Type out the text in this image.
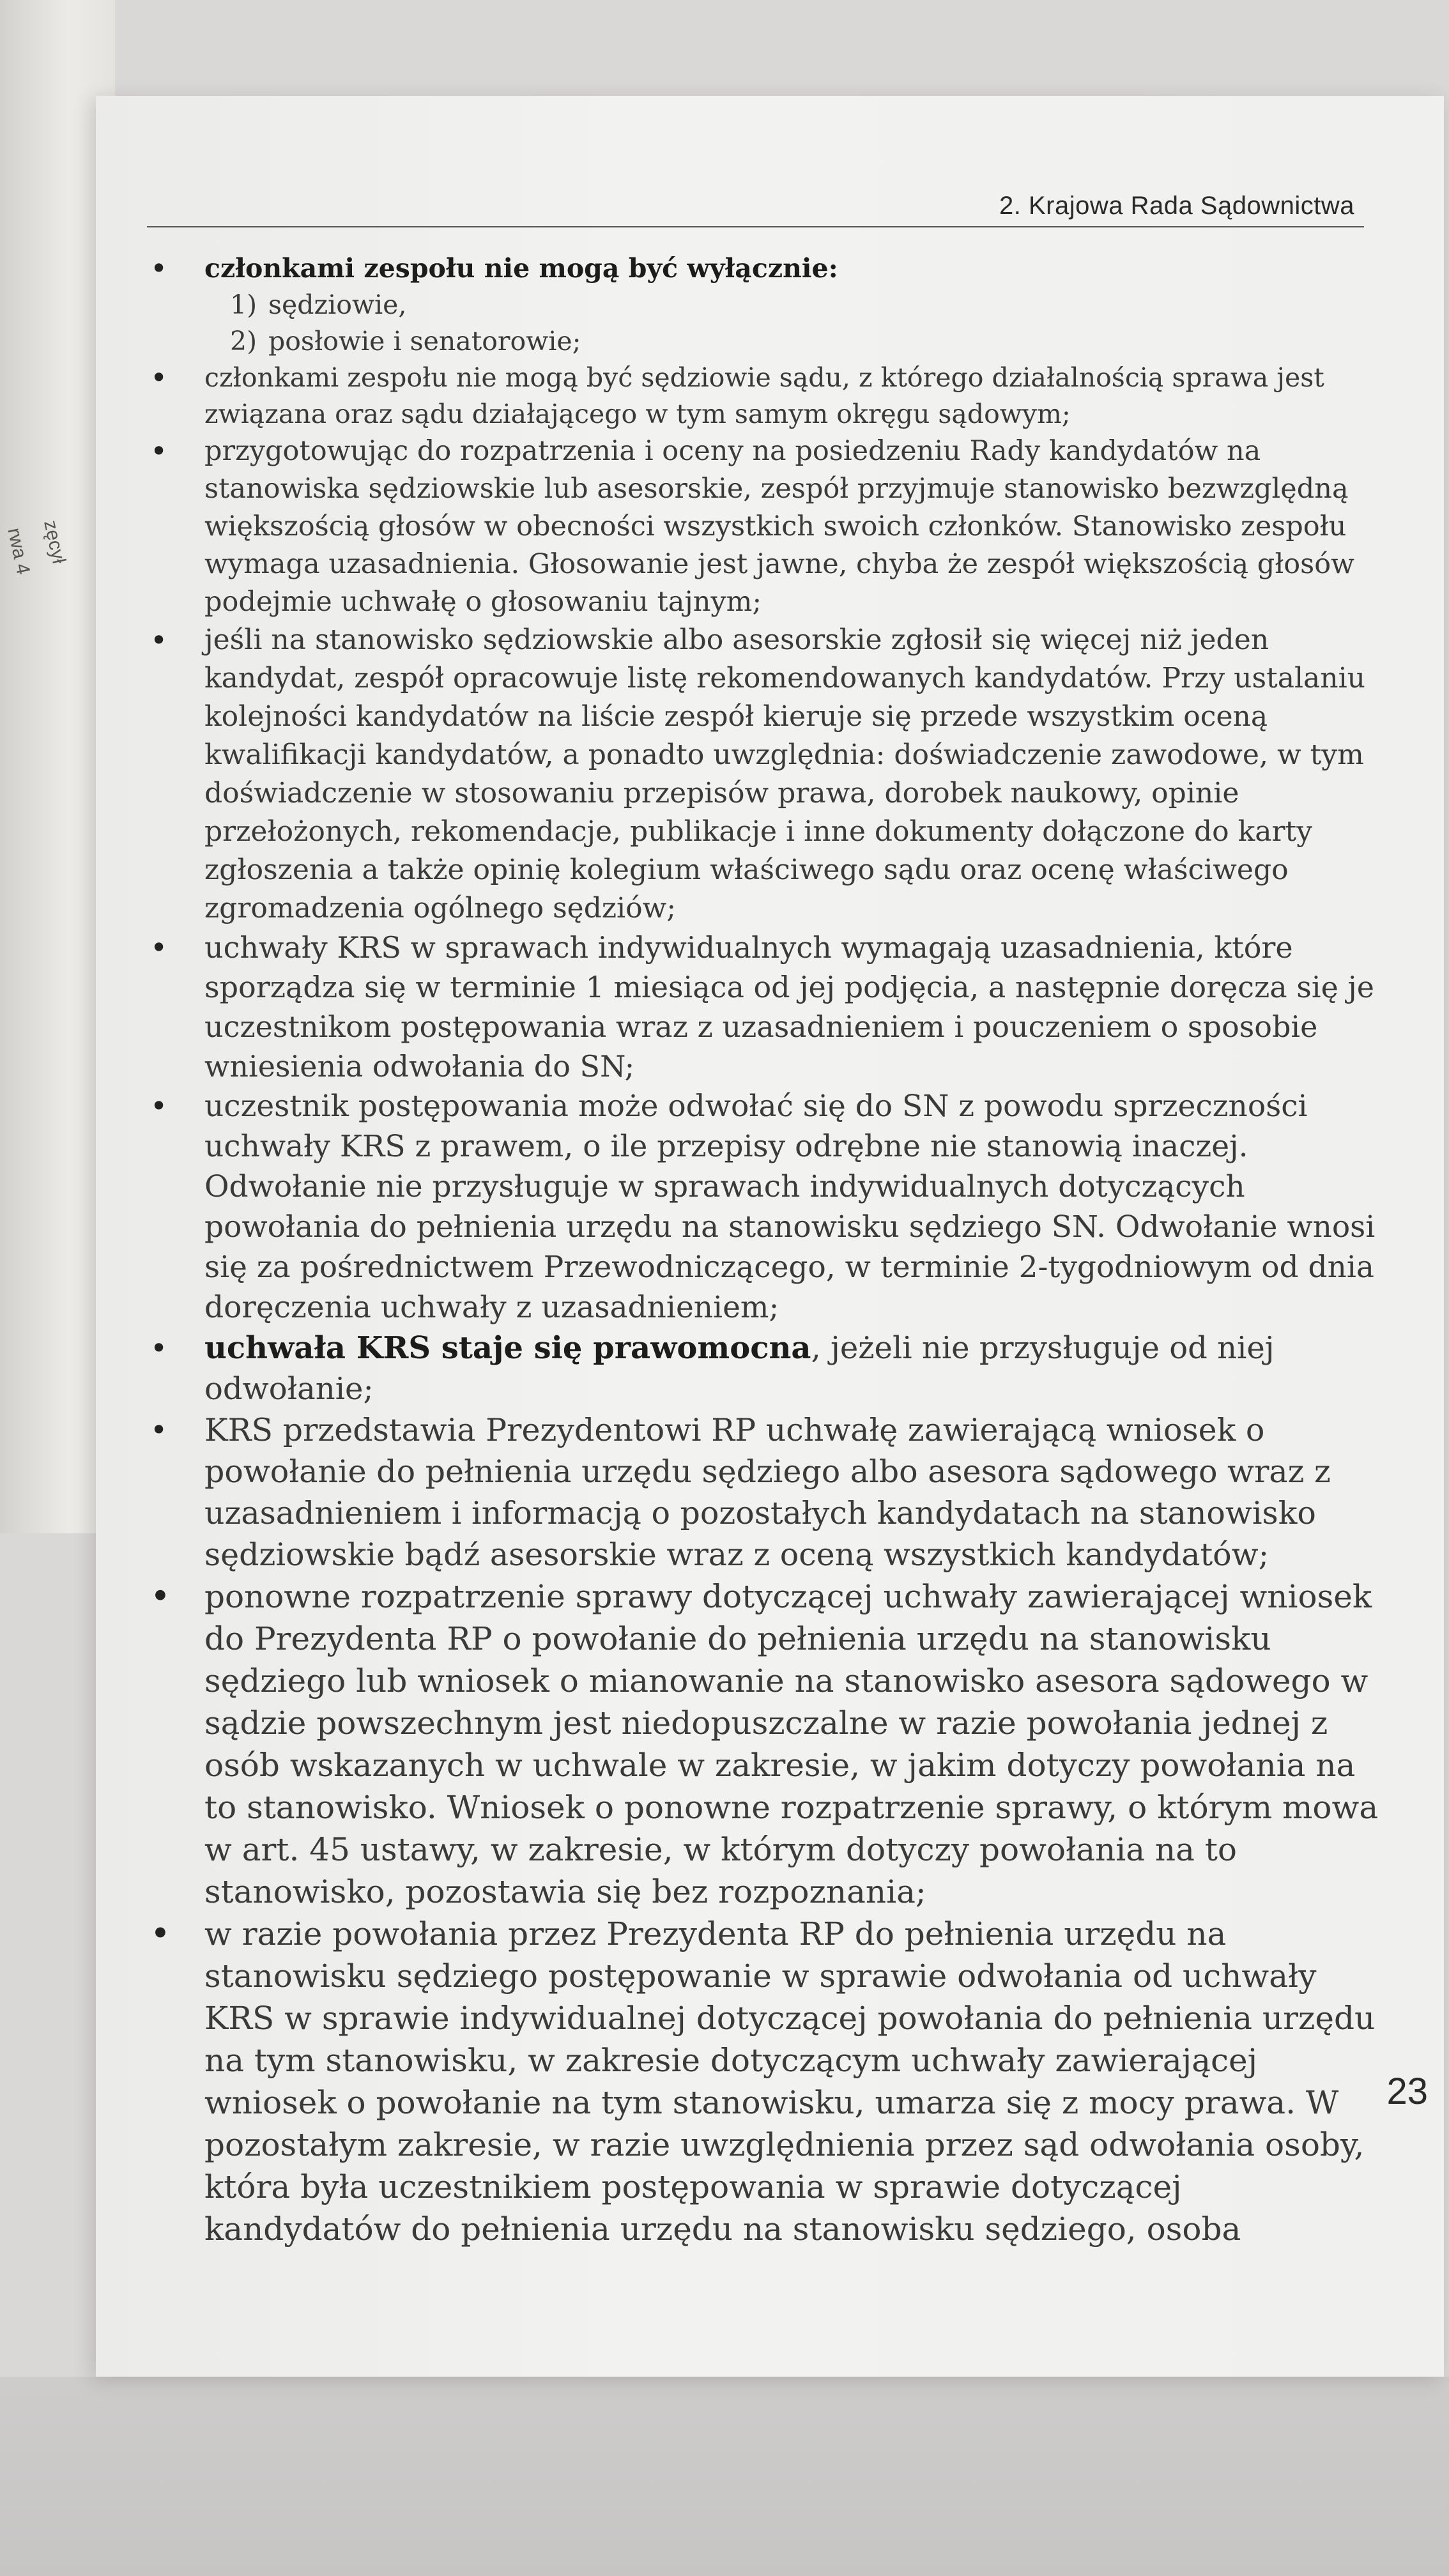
zęcył
rwa 4

2. Krajowa Rada Sądownictwa

• członkami zespołu nie mogą być wyłącznie:
1) sędziowie,
2) posłowie i senatorowie;

• członkami zespołu nie mogą być sędziowie sądu, z którego działalnością sprawa jest związana oraz sądu działającego w tym samym okręgu sądowym;

• przygotowując do rozpatrzenia i oceny na posiedzeniu Rady kandydatów na stanowiska sędziowskie lub asesorskie, zespół przyjmuje stanowisko bezwzględną większością głosów w obecności wszystkich swoich członków. Stanowisko zespołu wymaga uzasadnienia. Głosowanie jest jawne, chyba że zespół większością głosów podejmie uchwałę o głosowaniu tajnym;

• jeśli na stanowisko sędziowskie albo asesorskie zgłosił się więcej niż jeden kandydat, zespół opracowuje listę rekomendowanych kandydatów. Przy ustalaniu kolejności kandydatów na liście zespół kieruje się przede wszystkim oceną kwalifikacji kandydatów, a ponadto uwzględnia: doświadczenie zawodowe, w tym doświadczenie w stosowaniu przepisów prawa, dorobek naukowy, opinie przełożonych, rekomendacje, publikacje i inne dokumenty dołączone do karty zgłoszenia a także opinię kolegium właściwego sądu oraz ocenę właściwego zgromadzenia ogólnego sędziów;

• uchwały KRS w sprawach indywidualnych wymagają uzasadnienia, które sporządza się w terminie 1 miesiąca od jej podjęcia, a następnie doręcza się je uczestnikom postępowania wraz z uzasadnieniem i pouczeniem o sposobie wniesienia odwołania do SN;

• uczestnik postępowania może odwołać się do SN z powodu sprzeczności uchwały KRS z prawem, o ile przepisy odrębne nie stanowią inaczej. Odwołanie nie przysługuje w sprawach indywidualnych dotyczących powołania do pełnienia urzędu na stanowisku sędziego SN. Odwołanie wnosi się za pośrednictwem Przewodniczącego, w terminie 2-tygodniowym od dnia doręczenia uchwały z uzasadnieniem;

• uchwała KRS staje się prawomocna, jeżeli nie przysługuje od niej odwołanie;

• KRS przedstawia Prezydentowi RP uchwałę zawierającą wniosek o powołanie do pełnienia urzędu sędziego albo asesora sądowego wraz z uzasadnieniem i informacją o pozostałych kandydatach na stanowisko sędziowskie bądź asesorskie wraz z oceną wszystkich kandydatów;

• ponowne rozpatrzenie sprawy dotyczącej uchwały zawierającej wniosek do Prezydenta RP o powołanie do pełnienia urzędu na stanowisku sędziego lub wniosek o mianowanie na stanowisko asesora sądowego w sądzie powszechnym jest niedopuszczalne w razie powołania jednej z osób wskazanych w uchwale w zakresie, w jakim dotyczy powołania na to stanowisko. Wniosek o ponowne rozpatrzenie sprawy, o którym mowa w art. 45 ustawy, w zakresie, w którym dotyczy powołania na to stanowisko, pozostawia się bez rozpoznania;

• w razie powołania przez Prezydenta RP do pełnienia urzędu na stanowisku sędziego postępowanie w sprawie odwołania od uchwały KRS w sprawie indywidualnej dotyczącej powołania do pełnienia urzędu na tym stanowisku, w zakresie dotyczącym uchwały zawierającej wniosek o powołanie na tym stanowisku, umarza się z mocy prawa. W pozostałym zakresie, w razie uwzględnienia przez sąd odwołania osoby, która była uczestnikiem postępowania w sprawie dotyczącej kandydatów do pełnienia urzędu na stanowisku sędziego, osoba

23
